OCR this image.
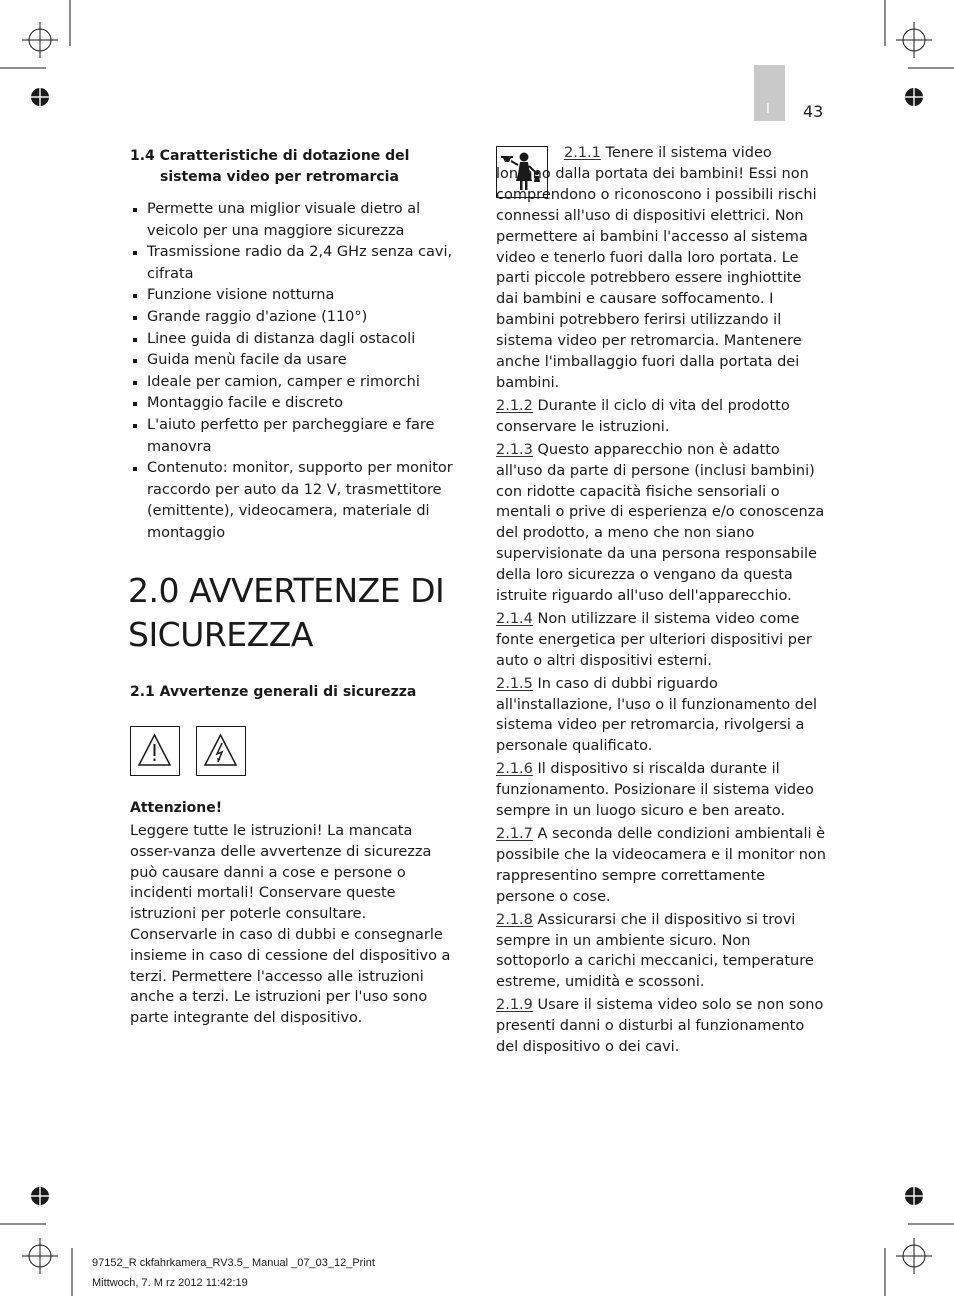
I 43
1.4 Caratteristiche di dotazione del
sistema video per retromarcia
Permette una miglior visuale dietro al veicolo per una maggiore sicurezza
Trasmissione radio da 2,4 GHz senza cavi, cifrata
Funzione visione notturna
Grande raggio d'azione (110°)
Linee guida di distanza dagli ostacoli
Guida menù facile da usare
Ideale per camion, camper e rimorchi
Montaggio facile e discreto
L'aiuto perfetto per parcheggiare e fare manovra
Contenuto: monitor, supporto per monitor raccordo per auto da 12 V, trasmettitore (emittente), videocamera, materiale di montaggio
2.0 AVVERTENZE DI
SICUREZZA
2.1 Avvertenze generali di sicurezza
Attenzione!
Leggere tutte le istruzioni! La mancata osser-vanza delle avvertenze di sicurezza può causare danni a cose e persone o incidenti mortali! Conservare queste istruzioni per poterle consultare. Conservarle in caso di dubbi e consegnarle insieme in caso di cessione del dispositivo a terzi. Permettere l'accesso alle istruzioni anche a terzi. Le istruzioni per l'uso sono parte integrante del dispositivo.

2.1.1 Tenere il sistema video lontano dalla portata dei bambini! Essi non comprendono o riconoscono i possibili rischi connessi all'uso di dispositivi elettrici. Non permettere ai bambini l'accesso al sistema video e tenerlo fuori dalla loro portata. Le parti piccole potrebbero essere inghiottite dai bambini e causare soffocamento. I bambini potrebbero ferirsi utilizzando il sistema video per retromarcia. Mantenere anche l'imballaggio fuori dalla portata dei bambini.

2.1.2 Durante il ciclo di vita del prodotto conservare le istruzioni.

2.1.3 Questo apparecchio non è adatto all'uso da parte di persone (inclusi bambini) con ridotte capacità fisiche sensoriali o mentali o prive di esperienza e/o conoscenza del prodotto, a meno che non siano supervisionate da una persona responsabile della loro sicurezza o vengano da questa istruite riguardo all'uso dell'apparecchio.

2.1.4 Non utilizzare il sistema video come fonte energetica per ulteriori dispositivi per auto o altri dispositivi esterni.

2.1.5 In caso di dubbi riguardo all'installazione, l'uso o il funzionamento del sistema video per retromarcia, rivolgersi a personale qualificato.

2.1.6 Il dispositivo si riscalda durante il funzionamento. Posizionare il sistema video sempre in un luogo sicuro e ben areato.

2.1.7 A seconda delle condizioni ambientali è possibile che la videocamera e il monitor non rappresentino sempre correttamente persone o cose.

2.1.8 Assicurarsi che il dispositivo si trovi sempre in un ambiente sicuro. Non sottoporlo a carichi meccanici, temperature estreme, umidità e scossoni.

2.1.9 Usare il sistema video solo se non sono presenti danni o disturbi al funzionamento del dispositivo o dei cavi.

97152_R ckfahrkamera_RV3.5_ Manual _07_03_12_Print
Mittwoch, 7. M rz 2012 11:42:19
